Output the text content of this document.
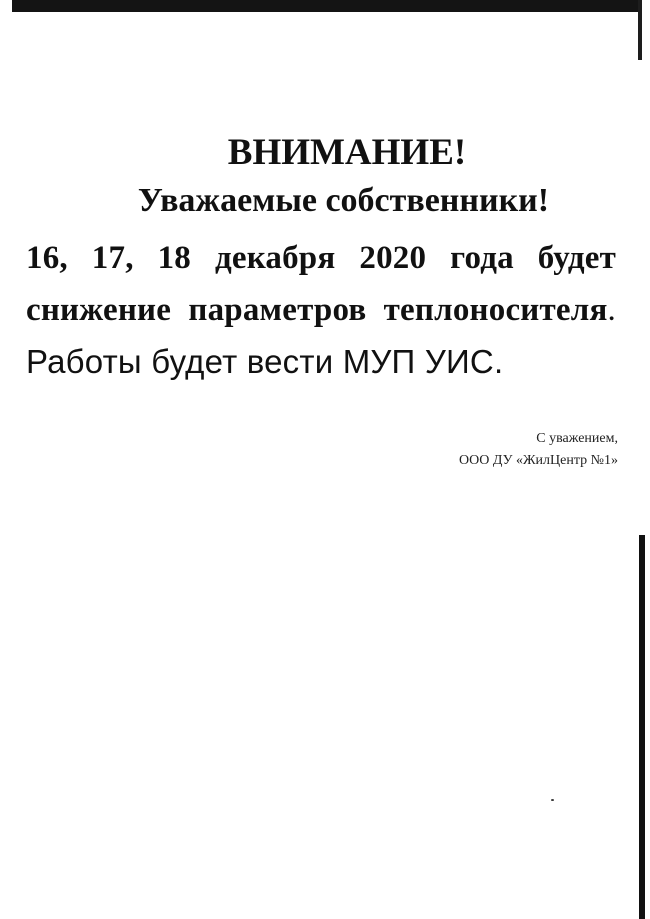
ВНИМАНИЕ!

Уважаемые собственники!

16, 17, 18 декабря 2020 года будет снижение параметров теплоносителя. Работы будет вести МУП УИС.

С уважением,
ООО ДУ «ЖилЦентр №1»
